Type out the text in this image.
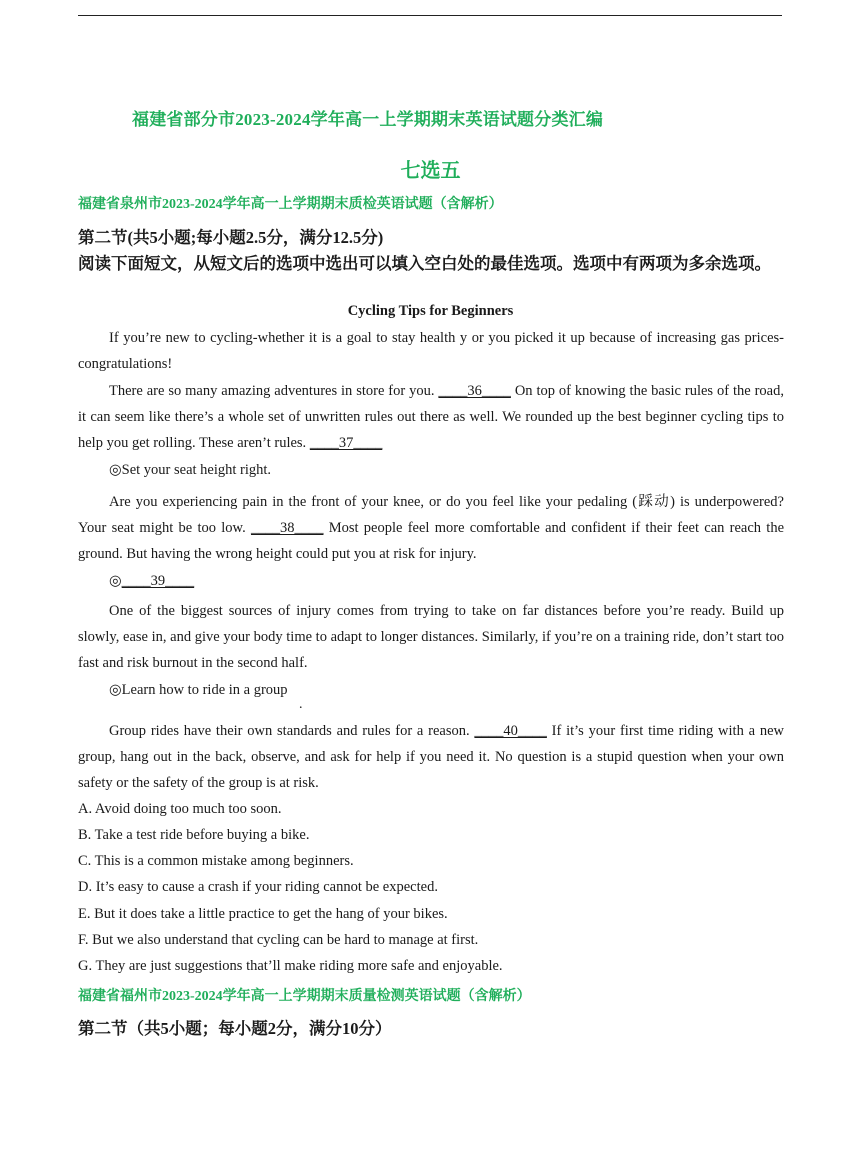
福建省部分市2023-2024学年高一上学期期末英语试题分类汇编
七选五
福建省泉州市2023-2024学年高一上学期期末质检英语试题（含解析）
第二节(共5小题;每小题2.5分，满分12.5分)
阅读下面短文，从短文后的选项中选出可以填入空白处的最佳选项。选项中有两项为多余选项。
Cycling Tips for Beginners

If you’re new to cycling-whether it is a goal to stay health y or you picked it up because of increasing gas prices-congratulations!

There are so many amazing adventures in store for you. ____36____ On top of knowing the basic rules of the road, it can seem like there’s a whole set of unwritten rules out there as well. We rounded up the best beginner cycling tips to help you get rolling. These aren’t rules. ____37____

◎Set your seat height right.

Are you experiencing pain in the front of your knee, or do you feel like your pedaling (踩动) is underpowered? Your seat might be too low. ____38____ Most people feel more comfortable and confident if their feet can reach the ground. But having the wrong height could put you at risk for injury.

◎____39____

One of the biggest sources of injury comes from trying to take on far distances before you’re ready. Build up slowly, ease in, and give your body time to adapt to longer distances. Similarly, if you’re on a training ride, don’t start too fast and risk burnout in the second half.

◎Learn how to ride in a group
.

Group rides have their own standards and rules for a reason. ____40____ If it’s your first time riding with a new group, hang out in the back, observe, and ask for help if you need it. No question is a stupid question when your own safety or the safety of the group is at risk.

A. Avoid doing too much too soon.
B. Take a test ride before buying a bike.
C. This is a common mistake among beginners.
D. It’s easy to cause a crash if your riding cannot be expected.
E. But it does take a little practice to get the hang of your bikes.
F. But we also understand that cycling can be hard to manage at first.
G. They are just suggestions that’ll make riding more safe and enjoyable.
福建省福州市2023-2024学年高一上学期期末质量检测英语试题（含解析）
第二节（共5小题；每小题2分，满分10分）
